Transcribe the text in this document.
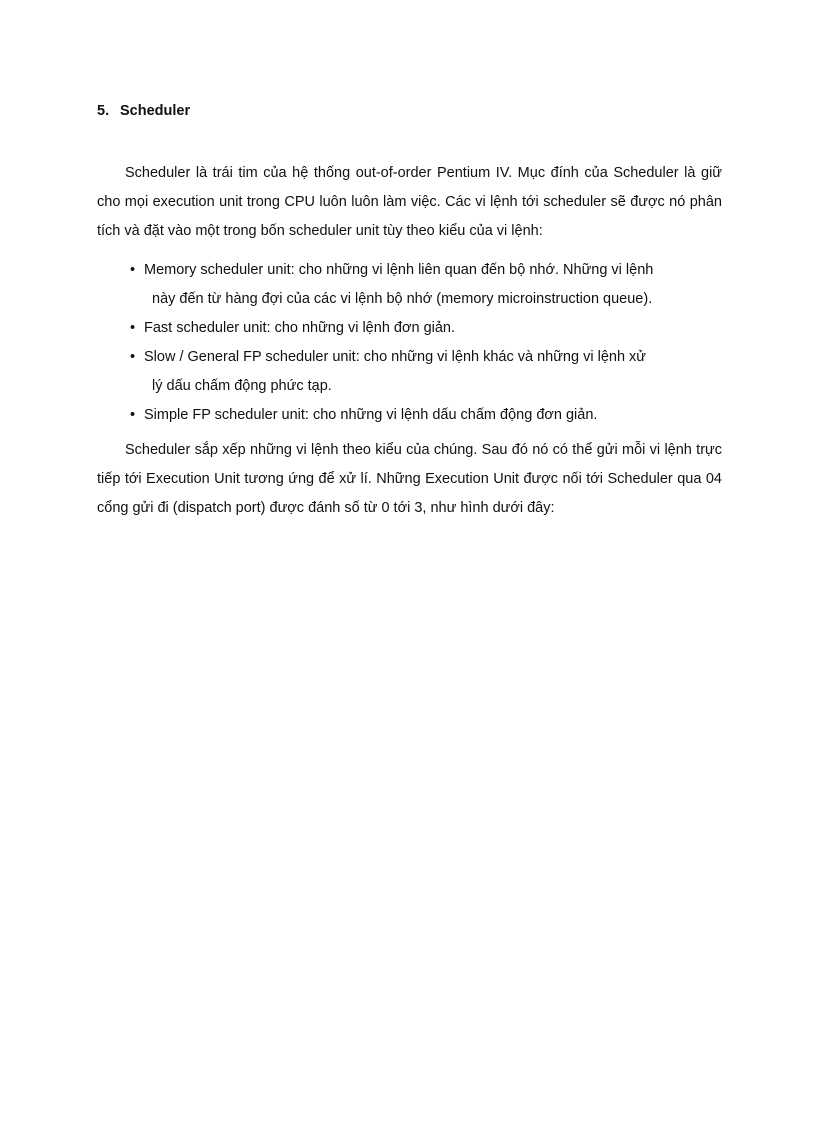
5. Scheduler

Scheduler là trái tim của hệ thống out-of-order Pentium IV. Mục đính của Scheduler là giữ cho mọi execution unit trong CPU luôn luôn làm việc. Các vi lệnh tới scheduler sẽ được nó phân tích và đặt vào một trong bốn scheduler unit tùy theo kiểu của vi lệnh:

• Memory scheduler unit: cho những vi lệnh liên quan đến bộ nhớ. Những vi lệnh
này đến từ hàng đợi của các vi lệnh bộ nhớ (memory microinstruction queue).
• Fast scheduler unit: cho những vi lệnh đơn giản.
• Slow / General FP scheduler unit: cho những vi lệnh khác và những vi lệnh xử
lý dấu chấm động phức tạp.
• Simple FP scheduler unit: cho những vi lệnh dấu chấm động đơn giản.

Scheduler sắp xếp những vi lệnh theo kiểu của chúng. Sau đó nó có thể gửi mỗi vi lệnh trực tiếp tới Execution Unit tương ứng để xử lí. Những Execution Unit được nối tới Scheduler qua 04 cổng gửi đi (dispatch port) được đánh số từ 0 tới 3, như hình dưới đây:
